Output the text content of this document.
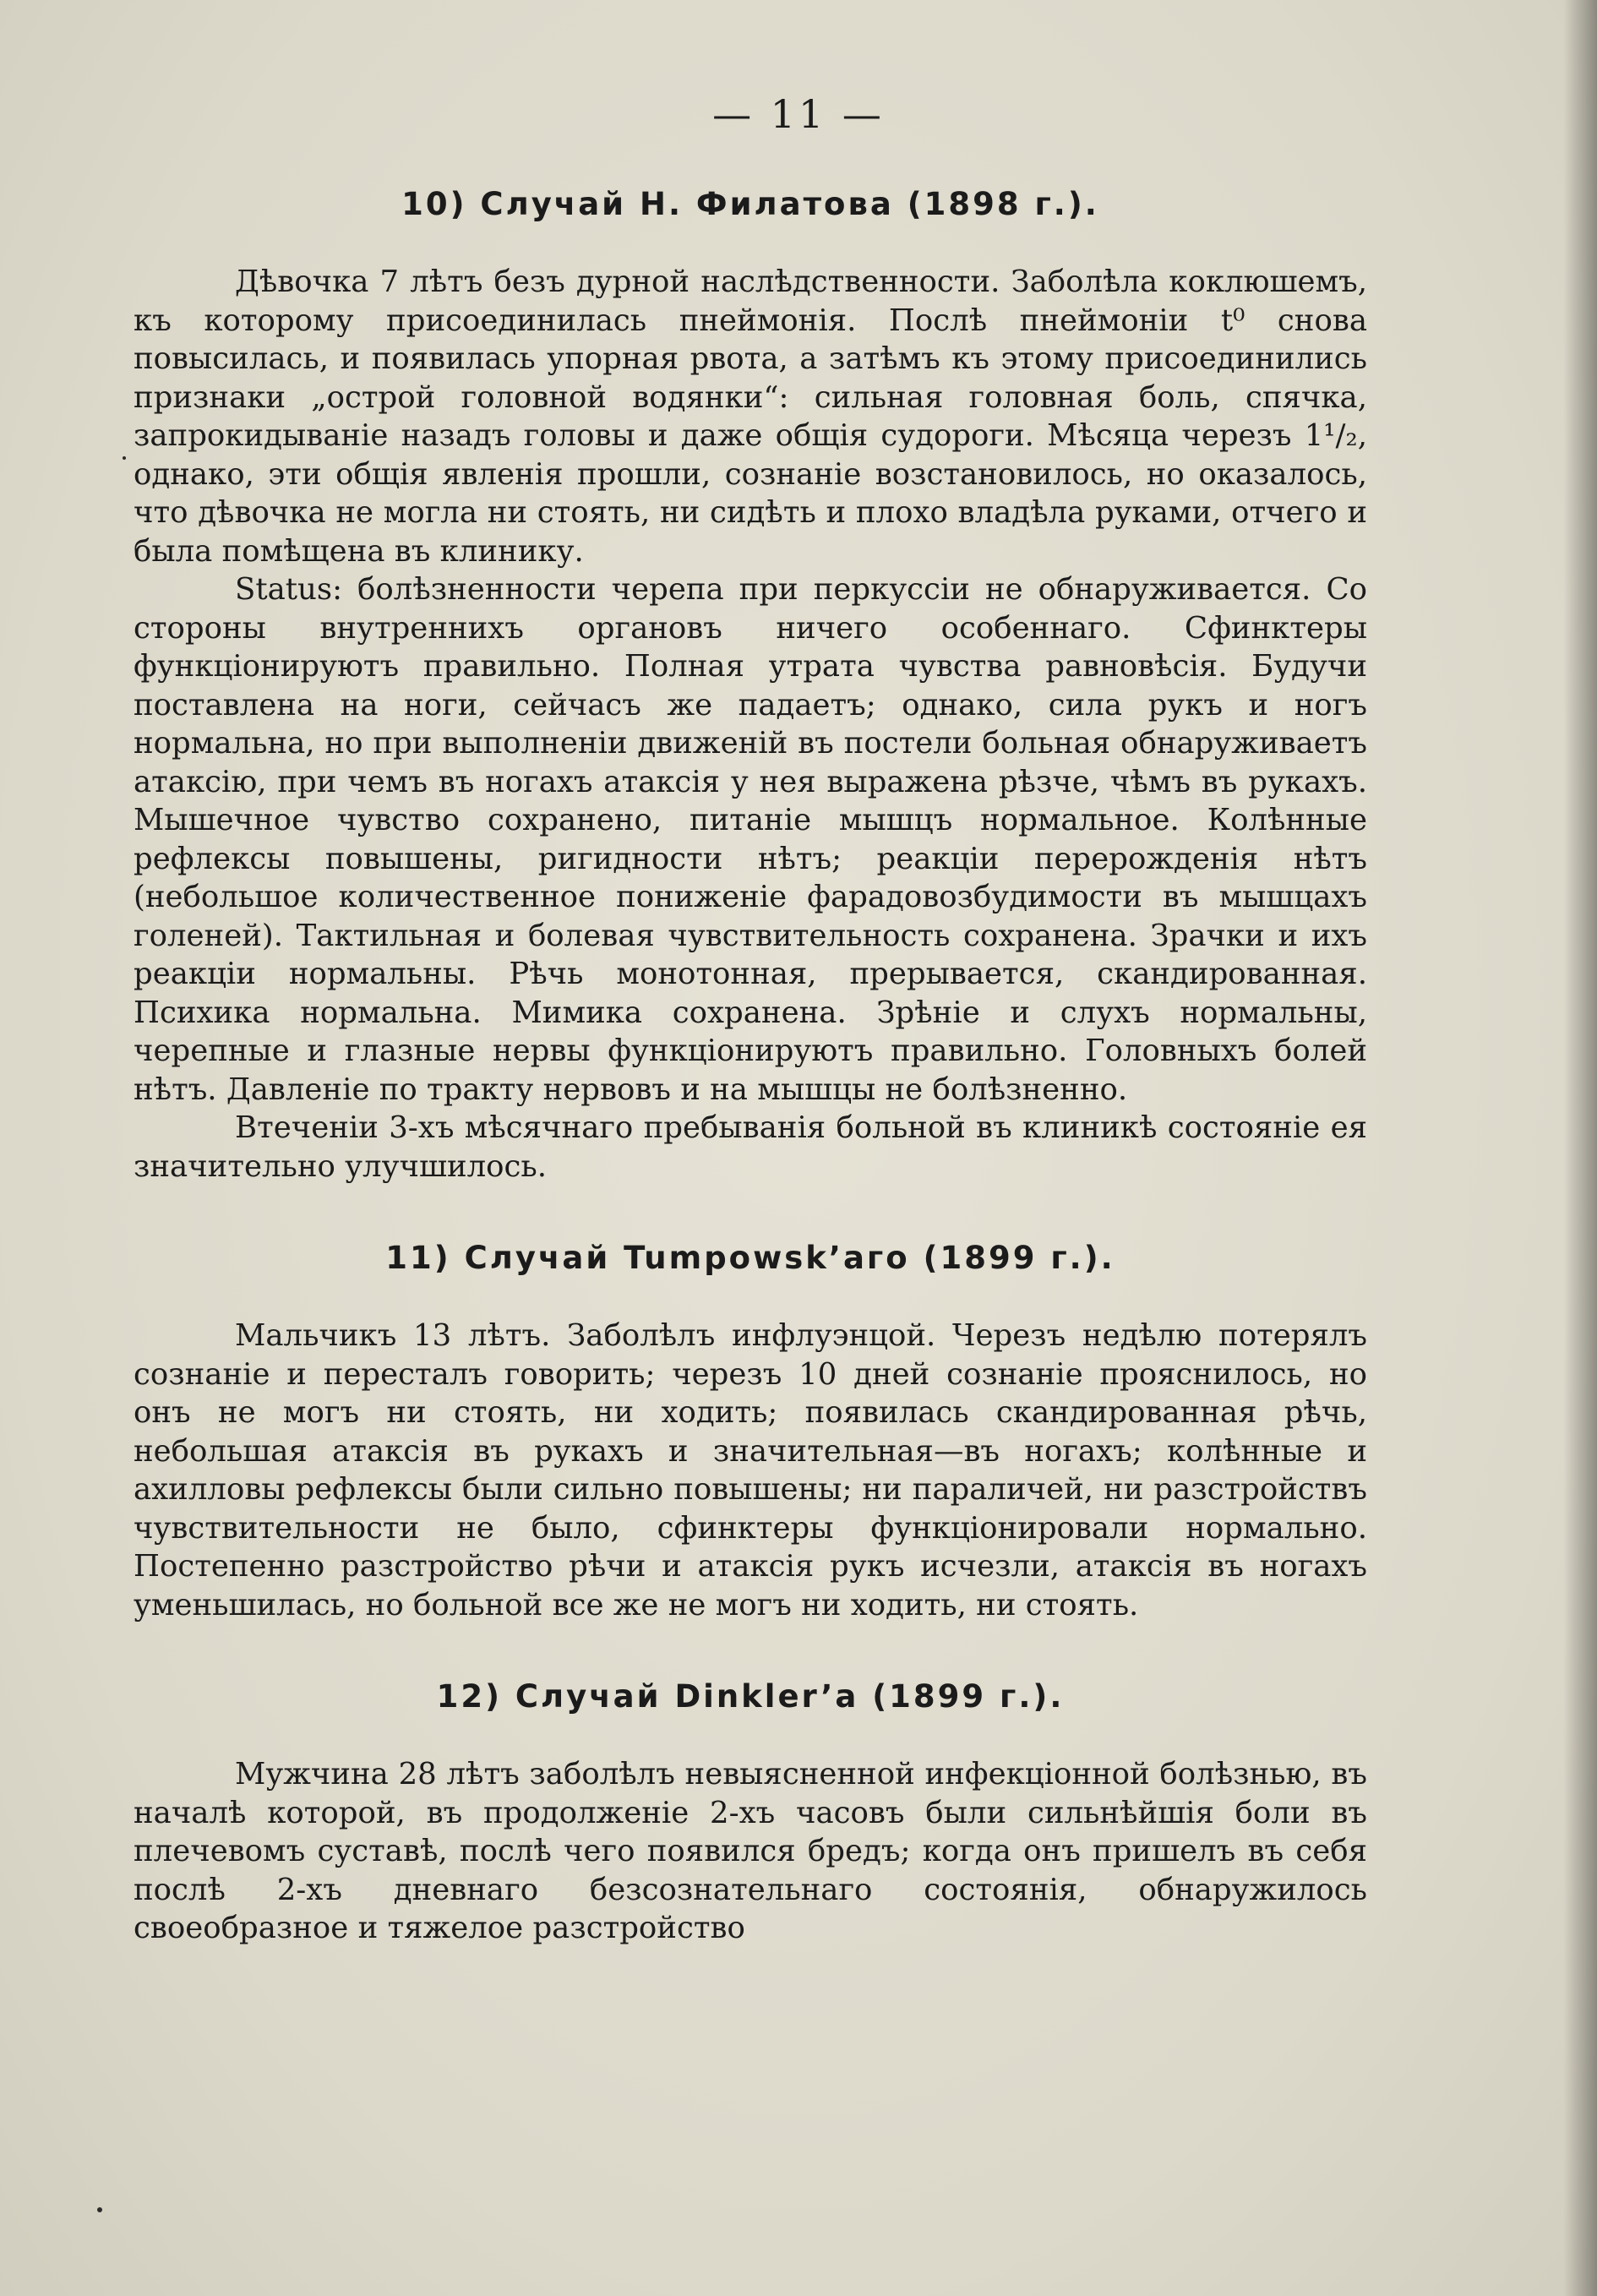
— 11 —
10) Случай Н. Филатова (1898 г.).

Дѣвочка 7 лѣтъ безъ дурной наслѣдственности. Заболѣла коклюшемъ, къ которому присоединилась пнеймонія. Послѣ пнеймоніи t⁰ снова повысилась, и появилась упорная рвота, а затѣмъ къ этому присоединились признаки „острой головной водянки“: сильная головная боль, спячка, запрокидываніе назадъ головы и даже общія судороги. Мѣсяца черезъ 1¹/₂, однако, эти общія явленія прошли, сознаніе возстановилось, но оказалось, что дѣвочка не могла ни стоять, ни сидѣть и плохо владѣла руками, отчего и была помѣщена въ клинику.

Status: болѣзненности черепа при перкуссіи не обнаруживается. Со стороны внутреннихъ органовъ ничего особеннаго. Сфинктеры функціонируютъ правильно. Полная утрата чувства равновѣсія. Будучи поставлена на ноги, сейчасъ же падаетъ; однако, сила рукъ и ногъ нормальна, но при выполненіи движеній въ постели больная обнаруживаетъ атаксію, при чемъ въ ногахъ атаксія у нея выражена рѣзче, чѣмъ въ рукахъ. Мышечное чувство сохранено, питаніе мышцъ нормальное. Колѣнные рефлексы повышены, ригидности нѣтъ; реакціи перерожденія нѣтъ (небольшое количественное пониженіе фарадовозбудимости въ мышцахъ голеней). Тактильная и болевая чувствительность сохранена. Зрачки и ихъ реакціи нормальны. Рѣчь монотонная, прерывается, скандированная. Психика нормальна. Мимика сохранена. Зрѣніе и слухъ нормальны, черепные и глазные нервы функціонируютъ правильно. Головныхъ болей нѣтъ. Давленіе по тракту нервовъ и на мышцы не болѣзненно.

Втеченіи 3-хъ мѣсячнаго пребыванія больной въ клиникѣ состояніе ея значительно улучшилось.

11) Случай Tumpowsk’аго (1899 г.).

Мальчикъ 13 лѣтъ. Заболѣлъ инфлуэнцой. Черезъ недѣлю потерялъ сознаніе и пересталъ говорить; черезъ 10 дней сознаніе прояснилось, но онъ не могъ ни стоять, ни ходить; появилась скандированная рѣчь, небольшая атаксія въ рукахъ и значительная—въ ногахъ; колѣнные и ахилловы рефлексы были сильно повышены; ни параличей, ни разстройствъ чувствительности не было, сфинктеры функціонировали нормально. Постепенно разстройство рѣчи и атаксія рукъ исчезли, атаксія въ ногахъ уменьшилась, но больной все же не могъ ни ходить, ни стоять.

12) Случай Dinkler’а (1899 г.).

Мужчина 28 лѣтъ заболѣлъ невыясненной инфекціонной болѣзнью, въ началѣ которой, въ продолженіе 2-хъ часовъ были сильнѣйшія боли въ плечевомъ суставѣ, послѣ чего появился бредъ; когда онъ пришелъ въ себя послѣ 2-хъ дневнаго безсознательнаго состоянія, обнаружилось своеобразное и тяжелое разстройство
